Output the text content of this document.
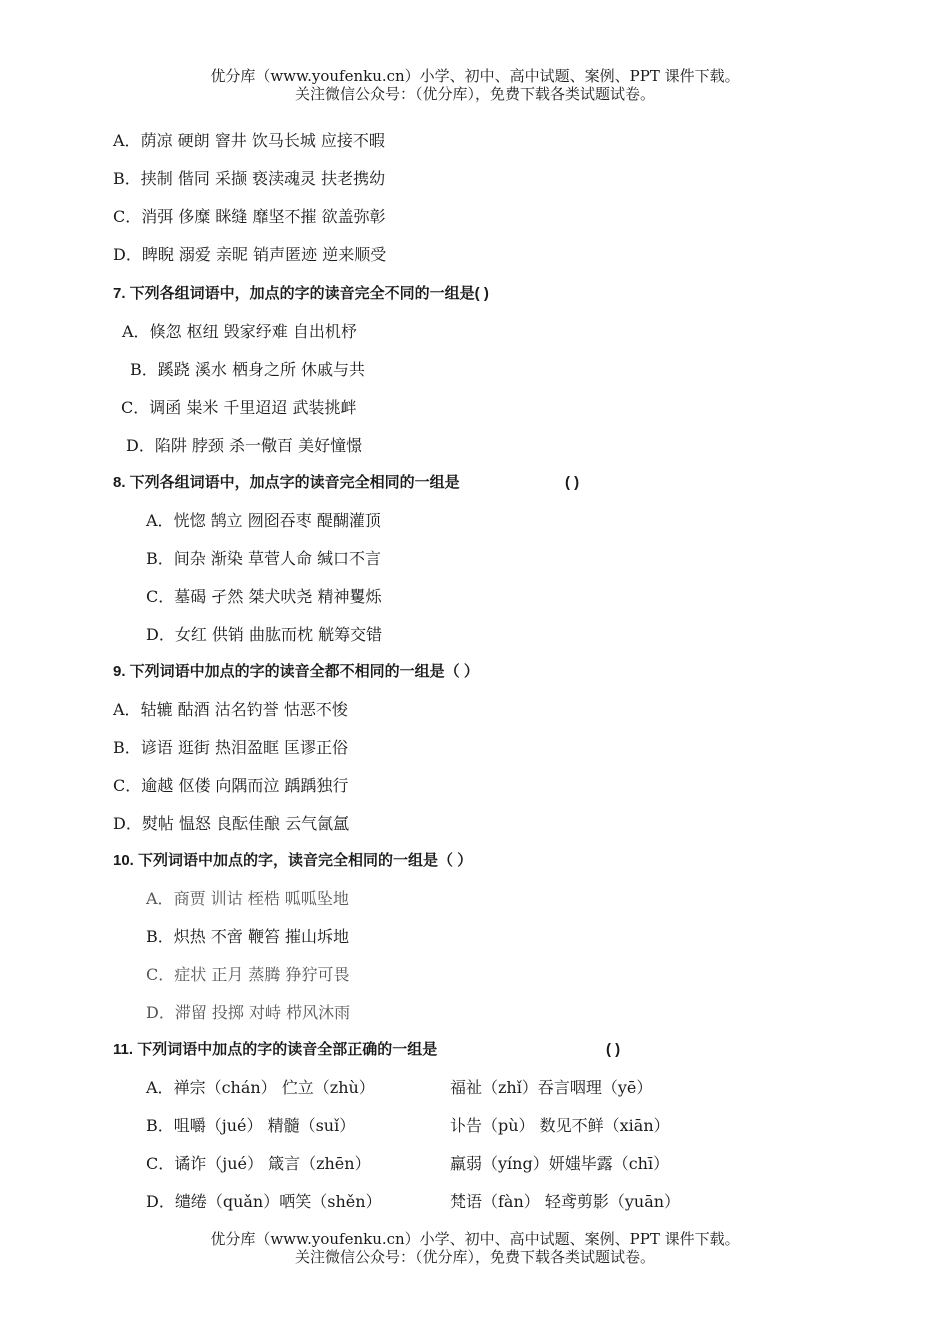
优分库（www.youfenku.cn）小学、初中、高中试题、案例、PPT 课件下载。
关注微信公众号：（优分库），免费下载各类试题试卷。
A．荫凉 硬朗 窨井 饮马长城 应接不暇
B．挟制 偕同 采撷 亵渎魂灵 扶老携幼
C．消弭 侈糜 眯缝 靡坚不摧 欲盖弥彰
D．睥睨 溺爱 亲昵 销声匿迹 逆来顺受
7. 下列各组词语中，加点的字的读音完全不同的一组是( )
A．倏忽 枢纽 毁家纾难 自出机杼
B．蹊跷 溪水 栖身之所 休戚与共
C．调函 粜米 千里迢迢 武装挑衅
D．陷阱 脖颈 杀一儆百 美好憧憬
8. 下列各组词语中，加点字的读音完全相同的一组是	( )
A．恍惚 鹄立 囫囵吞枣 醍醐灌顶
B．间杂 渐染 草菅人命 缄口不言
C．墓碣 孑然 桀犬吠尧 精神矍烁
D．女红 供销 曲肱而枕 觥筹交错
9. 下列词语中加点的字的读音全都不相同的一组是（ ）
A．轱辘 酤酒 沽名钓誉 怙恶不悛
B．谚语 逛街 热泪盈眶 匡谬正俗
C．逾越 伛偻 向隅而泣 踽踽独行
D．熨帖 愠怒 良酝佳酿 云气氤氲
10. 下列词语中加点的字，读音完全相同的一组是（ ）
A．商贾 训诂 桎梏 呱呱坠地
B．炽热 不啻 鞭笞 摧山坼地
C．症状 正月 蒸腾 狰狞可畏
D．滞留 投掷 对峙 栉风沐雨
11. 下列词语中加点的字的读音全部正确的一组是	( )
A．禅宗（chán） 伫立（zhù）	福祉（zhǐ）吞言咽理（yē）
B．咀嚼（jué） 精髓（suǐ）	讣告（pù） 数见不鲜（xiān）
C．谲诈（jué） 箴言（zhēn）	羸弱（yíng）妍媸毕露（chī）
D．缱绻（quǎn）哂笑（shěn）	梵语（fàn） 轻鸢剪影（yuān）
优分库（www.youfenku.cn）小学、初中、高中试题、案例、PPT 课件下载。
关注微信公众号：（优分库），免费下载各类试题试卷。
